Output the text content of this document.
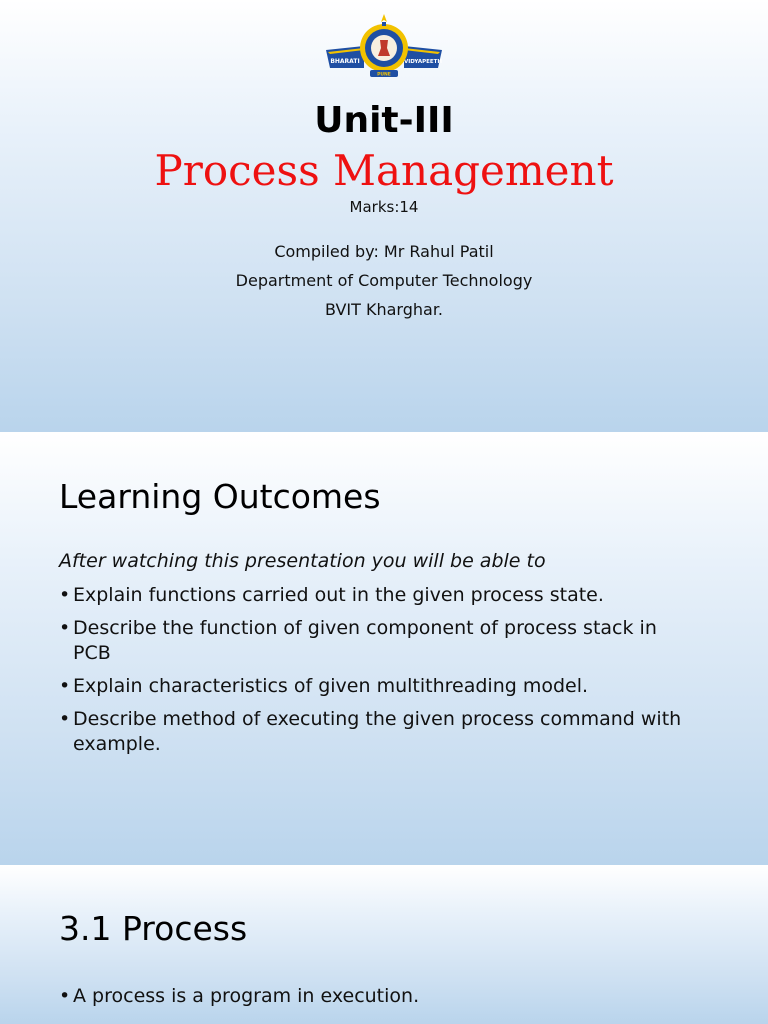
BHARATI	VIDYAPEETH
PUNE
Unit-III
Process Management
Marks:14
Compiled by: Mr Rahul Patil
Department of Computer Technology
BVIT Kharghar.
Learning Outcomes
After watching this presentation you will be able to
• Explain functions carried out in the given process state.
• Describe the function of given component of process stack in PCB
• Explain characteristics of given multithreading model.
• Describe method of executing the given process command with example.
3.1 Process
• A process is a program in execution.
